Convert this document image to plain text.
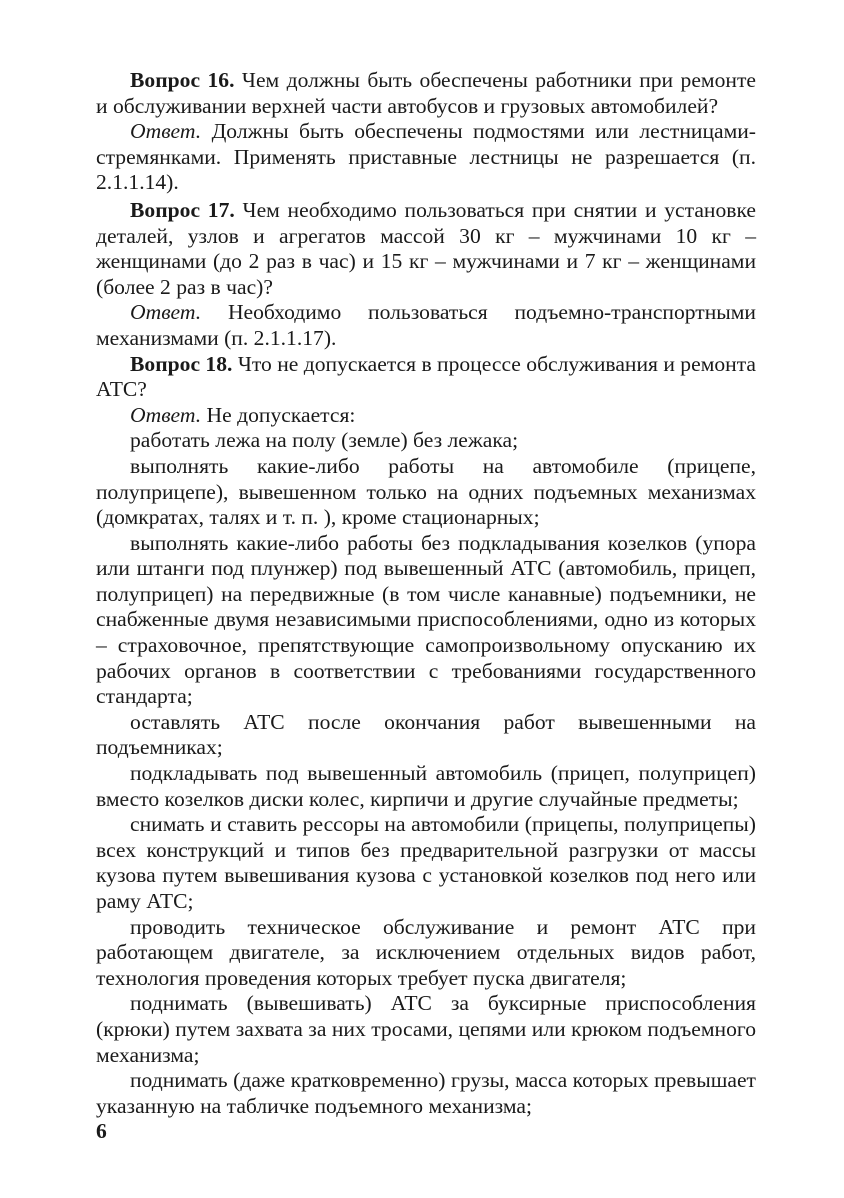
Вопрос 16. Чем должны быть обеспечены работники при ремонте и обслуживании верхней части автобусов и грузовых автомобилей?

Ответ. Должны быть обеспечены подмостями или лестницами-стремянками. Применять приставные лестницы не разрешается (п. 2.1.1.14).

Вопрос 17. Чем необходимо пользоваться при снятии и установке деталей, узлов и агрегатов массой 30 кг – мужчинами 10 кг – женщинами (до 2 раз в час) и 15 кг – мужчинами и 7 кг – женщинами (более 2 раз в час)?

Ответ. Необходимо пользоваться подъемно-транспортными механизмами (п. 2.1.1.17).

Вопрос 18. Что не допускается в процессе обслуживания и ремонта АТС?

Ответ. Не допускается:

работать лежа на полу (земле) без лежака;

выполнять какие-либо работы на автомобиле (прицепе, полуприцепе), вывешенном только на одних подъемных механизмах (домкратах, талях и т. п. ), кроме стационарных;

выполнять какие-либо работы без подкладывания козелков (упора или штанги под плунжер) под вывешенный АТС (автомобиль, прицеп, полуприцеп) на передвижные (в том числе канавные) подъемники, не снабженные двумя независимыми приспособлениями, одно из которых – страховочное, препятствующие самопроизвольному опусканию их рабочих органов в соответствии с требованиями государственного стандарта;

оставлять АТС после окончания работ вывешенными на подъемниках;

подкладывать под вывешенный автомобиль (прицеп, полуприцеп) вместо козелков диски колес, кирпичи и другие случайные предметы;

снимать и ставить рессоры на автомобили (прицепы, полуприцепы) всех конструкций и типов без предварительной разгрузки от массы кузова путем вывешивания кузова с установкой козелков под него или раму АТС;

проводить техническое обслуживание и ремонт АТС при работающем двигателе, за исключением отдельных видов работ, технология проведения которых требует пуска двигателя;

поднимать (вывешивать) АТС за буксирные приспособления (крюки) путем захвата за них тросами, цепями или крюком подъемного механизма;

поднимать (даже кратковременно) грузы, масса которых превышает указанную на табличке подъемного механизма;

6
